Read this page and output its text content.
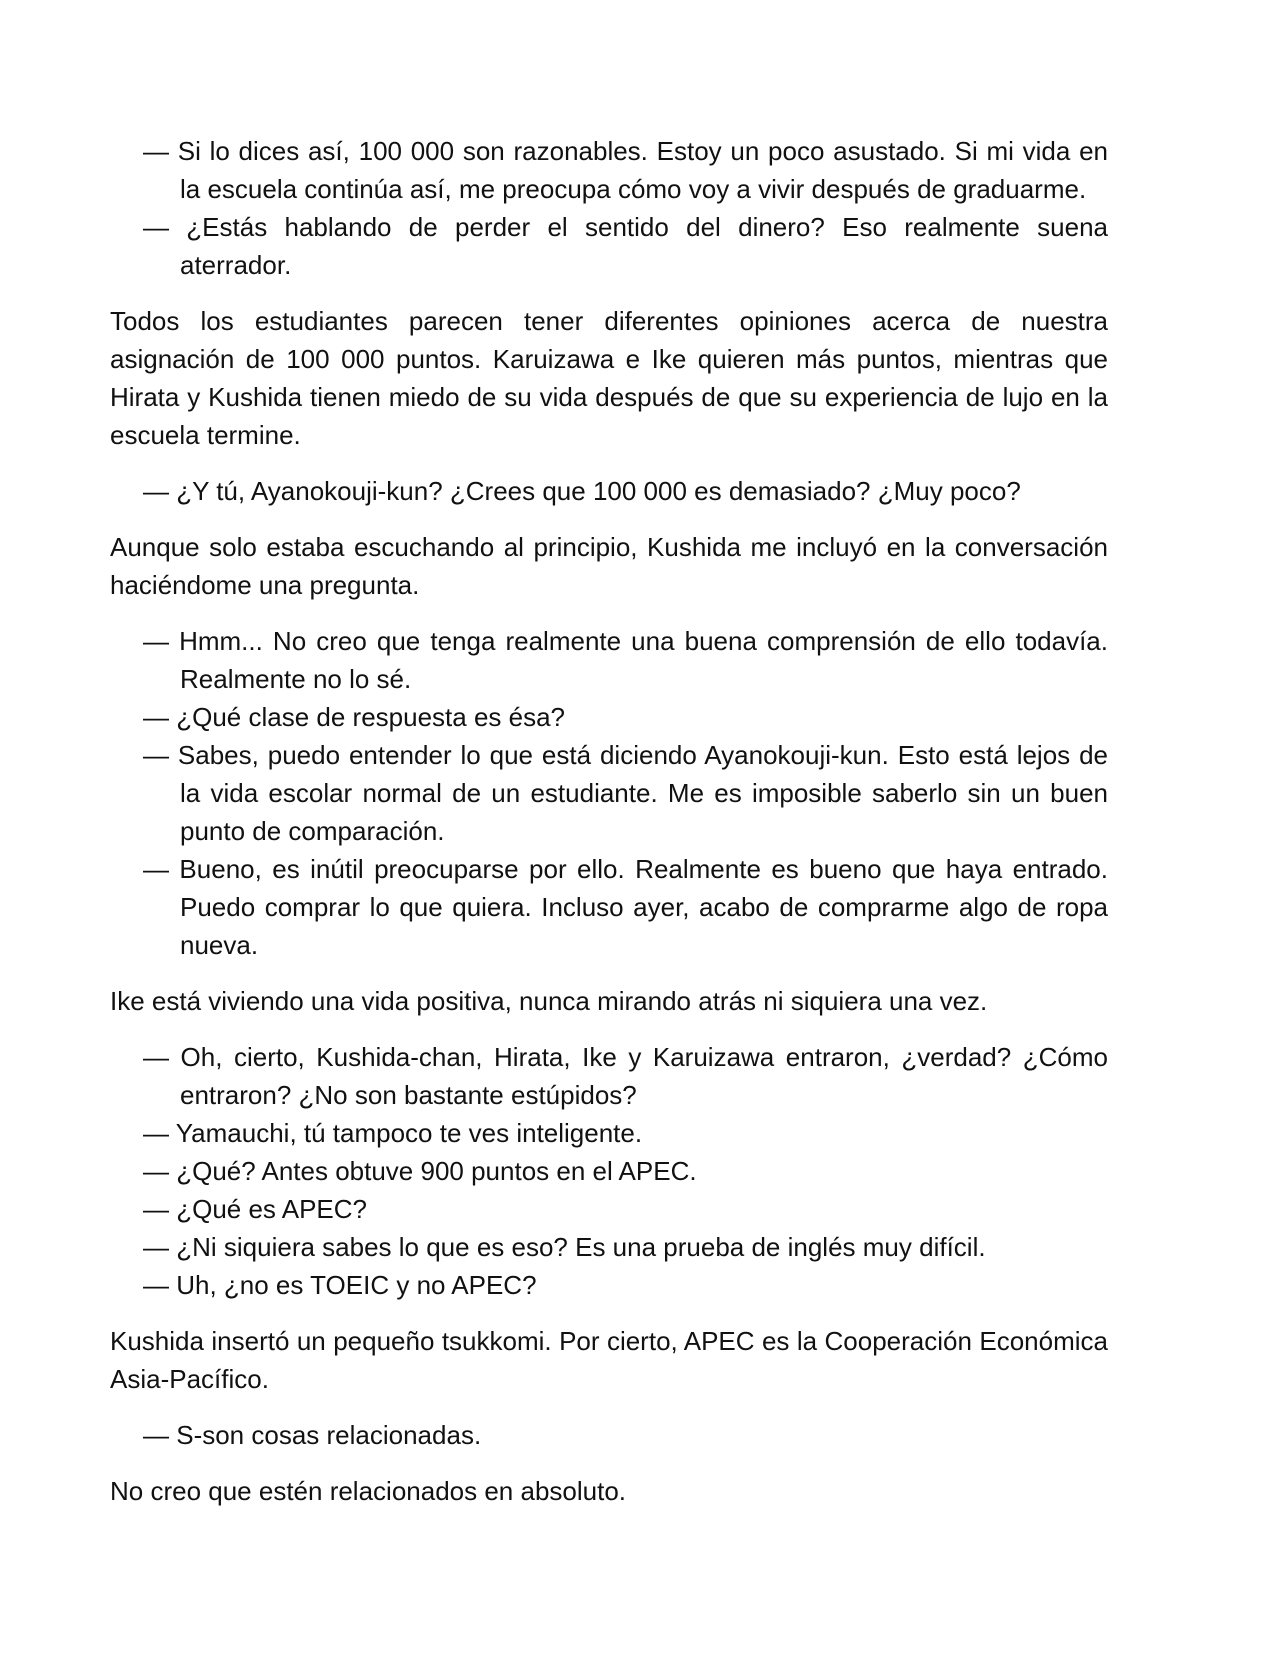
— Si lo dices así, 100 000 son razonables. Estoy un poco asustado. Si mi vida en la escuela continúa así, me preocupa cómo voy a vivir después de graduarme.

— ¿Estás hablando de perder el sentido del dinero? Eso realmente suena aterrador.

Todos los estudiantes parecen tener diferentes opiniones acerca de nuestra asignación de 100 000 puntos. Karuizawa e Ike quieren más puntos, mientras que Hirata y Kushida tienen miedo de su vida después de que su experiencia de lujo en la escuela termine.

— ¿Y tú, Ayanokouji-kun? ¿Crees que 100 000 es demasiado? ¿Muy poco?

Aunque solo estaba escuchando al principio, Kushida me incluyó en la conversación haciéndome una pregunta.

— Hmm... No creo que tenga realmente una buena comprensión de ello todavía. Realmente no lo sé.

— ¿Qué clase de respuesta es ésa?

— Sabes, puedo entender lo que está diciendo Ayanokouji-kun. Esto está lejos de la vida escolar normal de un estudiante. Me es imposible saberlo sin un buen punto de comparación.

— Bueno, es inútil preocuparse por ello. Realmente es bueno que haya entrado. Puedo comprar lo que quiera. Incluso ayer, acabo de comprarme algo de ropa nueva.

Ike está viviendo una vida positiva, nunca mirando atrás ni siquiera una vez.

— Oh, cierto, Kushida-chan, Hirata, Ike y Karuizawa entraron, ¿verdad? ¿Cómo entraron? ¿No son bastante estúpidos?

— Yamauchi, tú tampoco te ves inteligente.

— ¿Qué? Antes obtuve 900 puntos en el APEC.

— ¿Qué es APEC?

— ¿Ni siquiera sabes lo que es eso? Es una prueba de inglés muy difícil.

— Uh, ¿no es TOEIC y no APEC?

Kushida insertó un pequeño tsukkomi. Por cierto, APEC es la Cooperación Económica Asia-Pacífico.

— S-son cosas relacionadas.

No creo que estén relacionados en absoluto.
